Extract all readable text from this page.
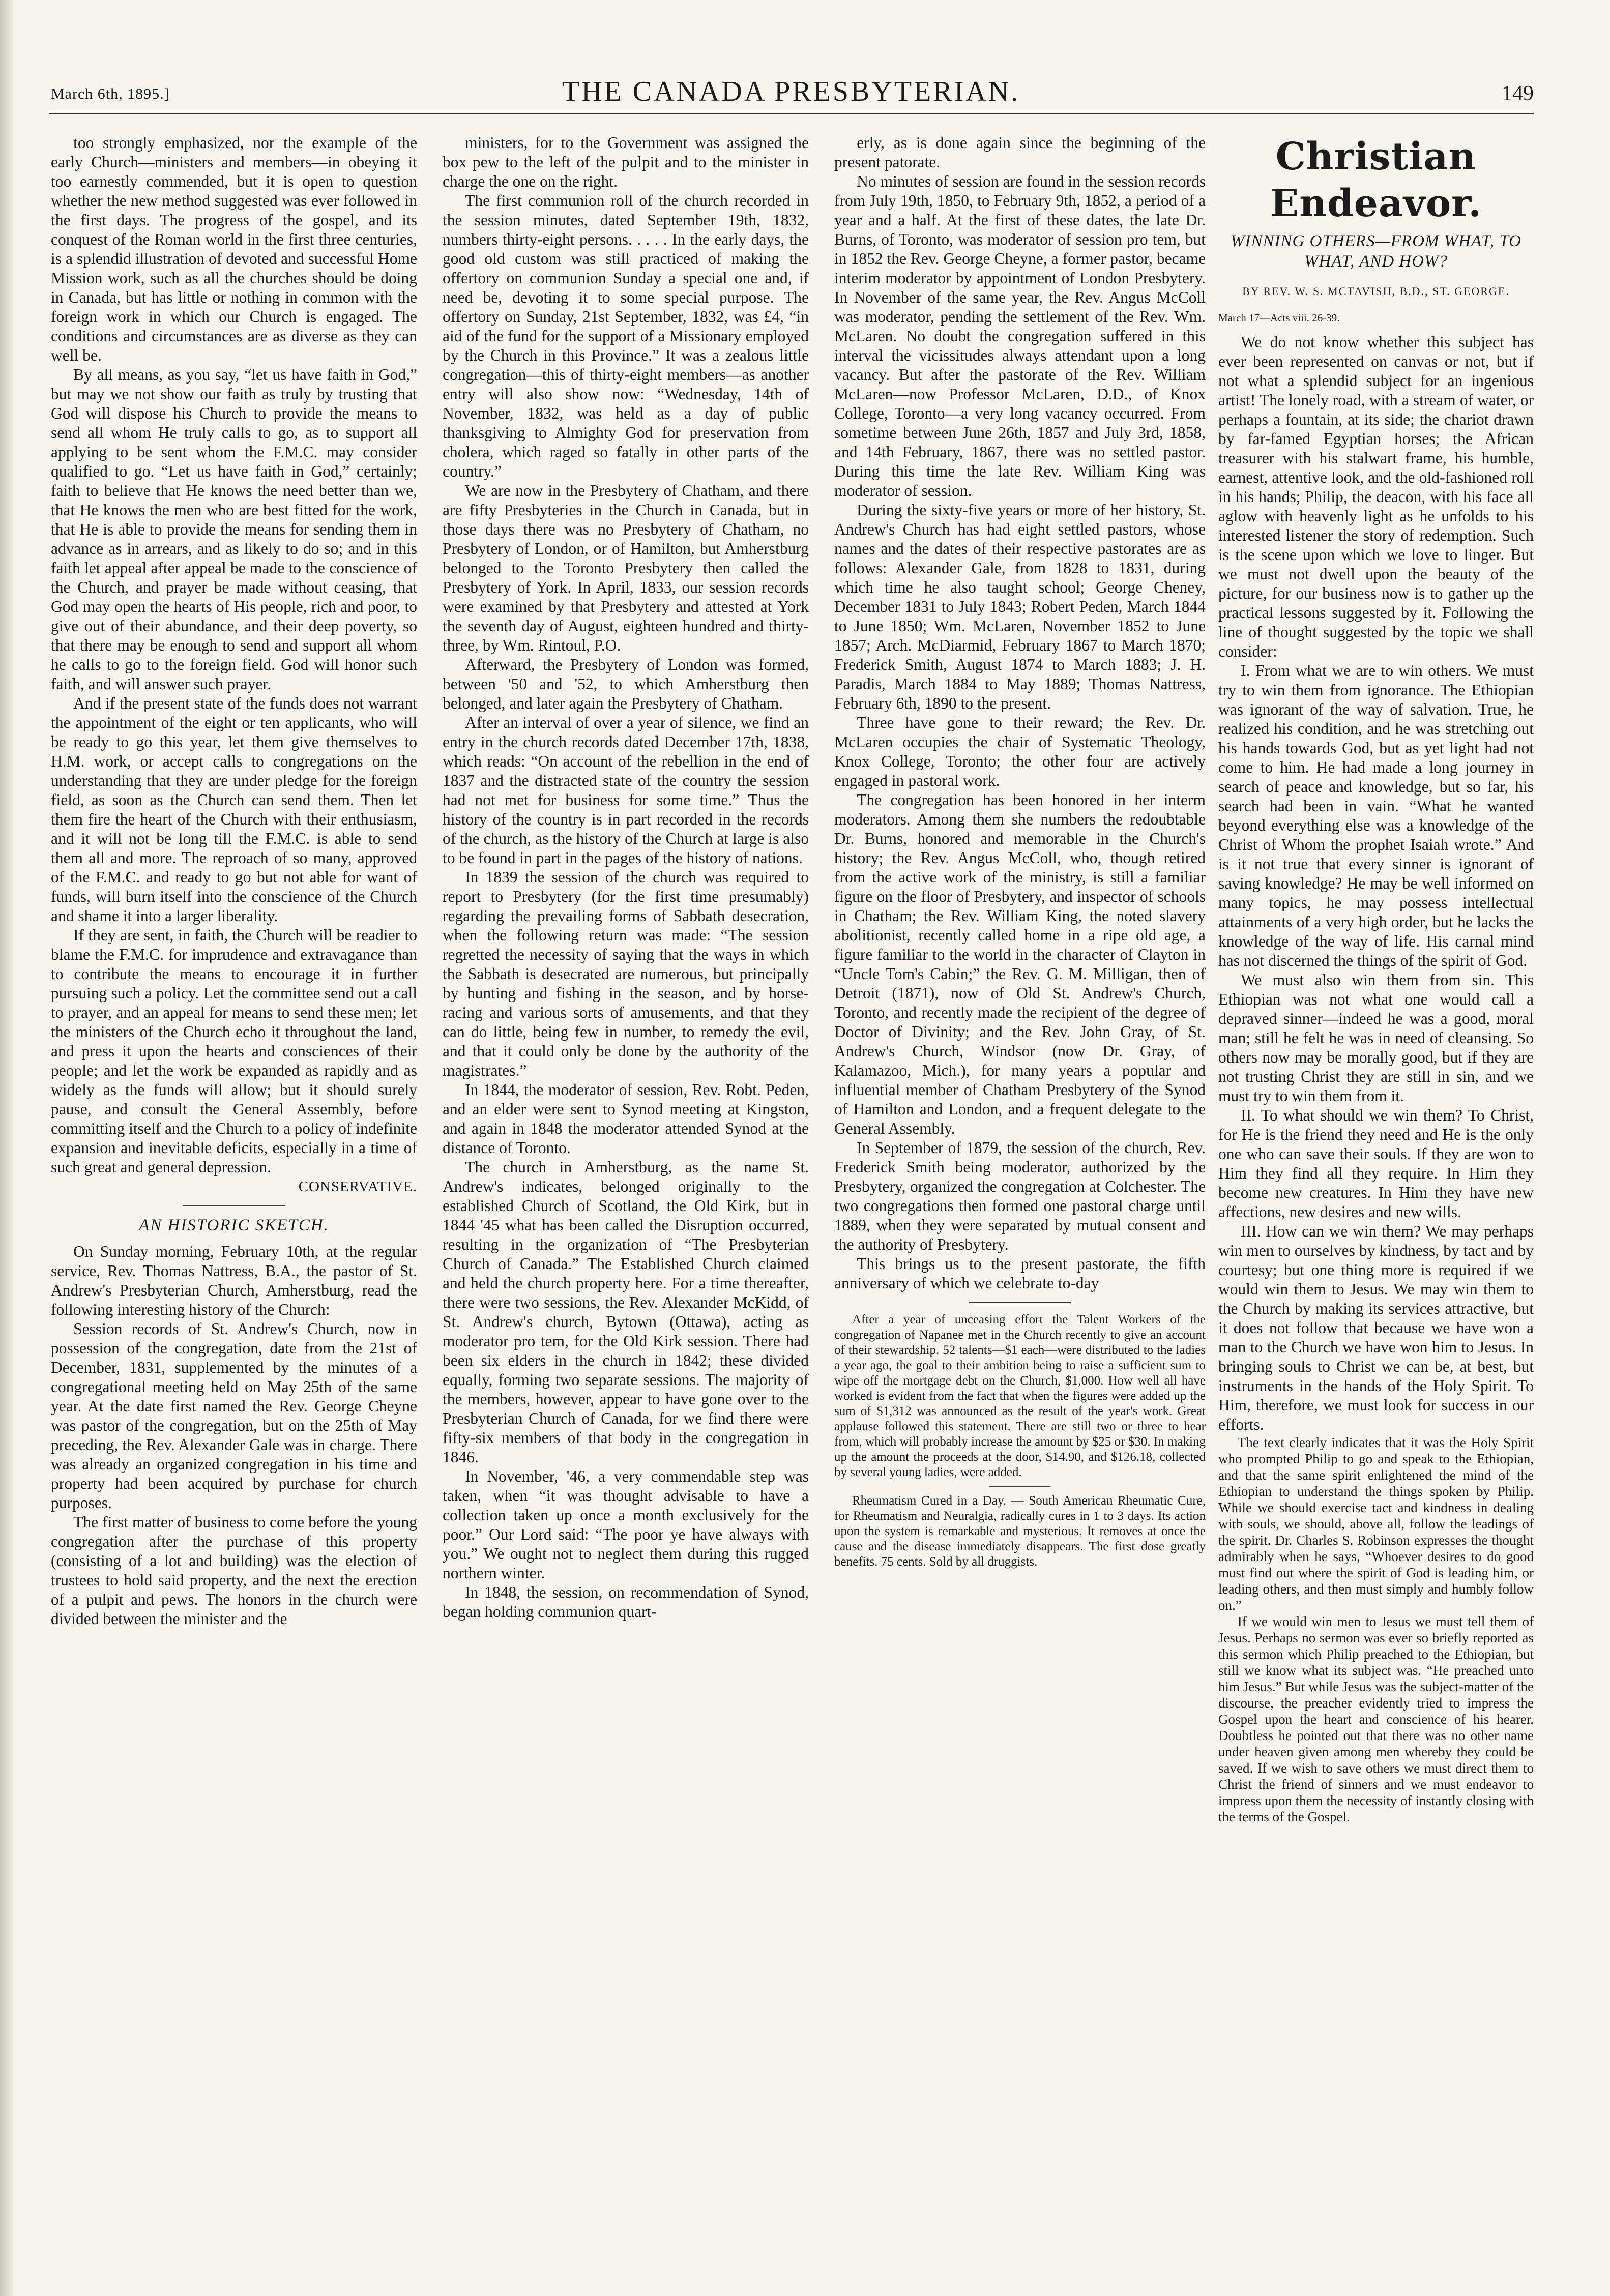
March 6th, 1895.]	THE CANADA PRESBYTERIAN.	149

too strongly emphasized, nor the example of the early Church—ministers and members—in obeying it too earnestly commended, but it is open to question whether the new method suggested was ever followed in the first days. The progress of the gospel, and its conquest of the Roman world in the first three centuries, is a splendid illustration of devoted and successful Home Mission work, such as all the churches should be doing in Canada, but has little or nothing in common with the foreign work in which our Church is engaged. The conditions and circumstances are as diverse as they can well be.

By all means, as you say, “let us have faith in God,” but may we not show our faith as truly by trusting that God will dispose his Church to provide the means to send all whom He truly calls to go, as to support all applying to be sent whom the F.M.C. may consider qualified to go. “Let us have faith in God,” certainly; faith to believe that He knows the need better than we, that He knows the men who are best fitted for the work, that He is able to provide the means for sending them in advance as in arrears, and as likely to do so; and in this faith let appeal after appeal be made to the conscience of the Church, and prayer be made without ceasing, that God may open the hearts of His people, rich and poor, to give out of their abundance, and their deep poverty, so that there may be enough to send and support all whom he calls to go to the foreign field. God will honor such faith, and will answer such prayer.

And if the present state of the funds does not warrant the appointment of the eight or ten applicants, who will be ready to go this year, let them give themselves to H.M. work, or accept calls to congregations on the understanding that they are under pledge for the foreign field, as soon as the Church can send them. Then let them fire the heart of the Church with their enthusiasm, and it will not be long till the F.M.C. is able to send them all and more. The reproach of so many, approved of the F.M.C. and ready to go but not able for want of funds, will burn itself into the conscience of the Church and shame it into a larger liberality.

If they are sent, in faith, the Church will be readier to blame the F.M.C. for imprudence and extravagance than to contribute the means to encourage it in further pursuing such a policy. Let the committee send out a call to prayer, and an appeal for means to send these men; let the ministers of the Church echo it throughout the land, and press it upon the hearts and consciences of their people; and let the work be expanded as rapidly and as widely as the funds will allow; but it should surely pause, and consult the General Assembly, before committing itself and the Church to a policy of indefinite expansion and inevitable deficits, especially in a time of such great and general depression.

CONSERVATIVE.
AN HISTORIC SKETCH.

On Sunday morning, February 10th, at the regular service, Rev. Thomas Nattress, B.A., the pastor of St. Andrew's Presbyterian Church, Amherstburg, read the following interesting history of the Church:

Session records of St. Andrew's Church, now in possession of the congregation, date from the 21st of December, 1831, supplemented by the minutes of a congregational meeting held on May 25th of the same year. At the date first named the Rev. George Cheyne was pastor of the congregation, but on the 25th of May preceding, the Rev. Alexander Gale was in charge. There was already an organized congregation in his time and property had been acquired by purchase for church purposes.

The first matter of business to come before the young congregation after the purchase of this property (consisting of a lot and building) was the election of trustees to hold said property, and the next the erection of a pulpit and pews. The honors in the church were divided between the minister and the

ministers, for to the Government was assigned the box pew to the left of the pulpit and to the minister in charge the one on the right.

The first communion roll of the church recorded in the session minutes, dated September 19th, 1832, numbers thirty-eight persons. . . . . In the early days, the good old custom was still practiced of making the offertory on communion Sunday a special one and, if need be, devoting it to some special purpose. The offertory on Sunday, 21st September, 1832, was £4, “in aid of the fund for the support of a Missionary employed by the Church in this Province.” It was a zealous little congregation—this of thirty-eight members—as another entry will also show now: “Wednesday, 14th of November, 1832, was held as a day of public thanksgiving to Almighty God for preservation from cholera, which raged so fatally in other parts of the country.”

We are now in the Presbytery of Chatham, and there are fifty Presbyteries in the Church in Canada, but in those days there was no Presbytery of Chatham, no Presbytery of London, or of Hamilton, but Amherstburg belonged to the Toronto Presbytery then called the Presbytery of York. In April, 1833, our session records were examined by that Presbytery and attested at York the seventh day of August, eighteen hundred and thirty-three, by Wm. Rintoul, P.O.

Afterward, the Presbytery of London was formed, between '50 and '52, to which Amherstburg then belonged, and later again the Presbytery of Chatham.

After an interval of over a year of silence, we find an entry in the church records dated December 17th, 1838, which reads: “On account of the rebellion in the end of 1837 and the distracted state of the country the session had not met for business for some time.” Thus the history of the country is in part recorded in the records of the church, as the history of the Church at large is also to be found in part in the pages of the history of nations.

In 1839 the session of the church was required to report to Presbytery (for the first time presumably) regarding the prevailing forms of Sabbath desecration, when the following return was made: “The session regretted the necessity of saying that the ways in which the Sabbath is desecrated are numerous, but principally by hunting and fishing in the season, and by horse-racing and various sorts of amusements, and that they can do little, being few in number, to remedy the evil, and that it could only be done by the authority of the magistrates.”

In 1844, the moderator of session, Rev. Robt. Peden, and an elder were sent to Synod meeting at Kingston, and again in 1848 the moderator attended Synod at the distance of Toronto.

The church in Amherstburg, as the name St. Andrew's indicates, belonged originally to the established Church of Scotland, the Old Kirk, but in 1844 '45 what has been called the Disruption occurred, resulting in the organization of “The Presbyterian Church of Canada.” The Established Church claimed and held the church property here. For a time thereafter, there were two sessions, the Rev. Alexander McKidd, of St. Andrew's church, Bytown (Ottawa), acting as moderator pro tem, for the Old Kirk session. There had been six elders in the church in 1842; these divided equally, forming two separate sessions. The majority of the members, however, appear to have gone over to the Presbyterian Church of Canada, for we find there were fifty-six members of that body in the congregation in 1846.

In November, '46, a very commendable step was taken, when “it was thought advisable to have a collection taken up once a month exclusively for the poor.” Our Lord said: “The poor ye have always with you.” We ought not to neglect them during this rugged northern winter.

In 1848, the session, on recommendation of Synod, began holding communion quart-

erly, as is done again since the beginning of the present patorate.

No minutes of session are found in the session records from July 19th, 1850, to February 9th, 1852, a period of a year and a half. At the first of these dates, the late Dr. Burns, of Toronto, was moderator of session pro tem, but in 1852 the Rev. George Cheyne, a former pastor, became interim moderator by appointment of London Presbytery. In November of the same year, the Rev. Angus McColl was moderator, pending the settlement of the Rev. Wm. McLaren. No doubt the congregation suffered in this interval the vicissitudes always attendant upon a long vacancy. But after the pastorate of the Rev. William McLaren—now Professor McLaren, D.D., of Knox College, Toronto—a very long vacancy occurred. From sometime between June 26th, 1857 and July 3rd, 1858, and 14th February, 1867, there was no settled pastor. During this time the late Rev. William King was moderator of session.

During the sixty-five years or more of her history, St. Andrew's Church has had eight settled pastors, whose names and the dates of their respective pastorates are as follows: Alexander Gale, from 1828 to 1831, during which time he also taught school; George Cheney, December 1831 to July 1843; Robert Peden, March 1844 to June 1850; Wm. McLaren, November 1852 to June 1857; Arch. McDiarmid, February 1867 to March 1870; Frederick Smith, August 1874 to March 1883; J. H. Paradis, March 1884 to May 1889; Thomas Nattress, February 6th, 1890 to the present.

Three have gone to their reward; the Rev. Dr. McLaren occupies the chair of Systematic Theology, Knox College, Toronto; the other four are actively engaged in pastoral work.

The congregation has been honored in her interm moderators. Among them she numbers the redoubtable Dr. Burns, honored and memorable in the Church's history; the Rev. Angus McColl, who, though retired from the active work of the ministry, is still a familiar figure on the floor of Presbytery, and inspector of schools in Chatham; the Rev. William King, the noted slavery abolitionist, recently called home in a ripe old age, a figure familiar to the world in the character of Clayton in “Uncle Tom's Cabin;” the Rev. G. M. Milligan, then of Detroit (1871), now of Old St. Andrew's Church, Toronto, and recently made the recipient of the degree of Doctor of Divinity; and the Rev. John Gray, of St. Andrew's Church, Windsor (now Dr. Gray, of Kalamazoo, Mich.), for many years a popular and influential member of Chatham Presbytery of the Synod of Hamilton and London, and a frequent delegate to the General Assembly.

In September of 1879, the session of the church, Rev. Frederick Smith being moderator, authorized by the Presbytery, organized the congregation at Colchester. The two congregations then formed one pastoral charge until 1889, when they were separated by mutual consent and the authority of Presbytery.

This brings us to the present pastorate, the fifth anniversary of which we celebrate to-day

After a year of unceasing effort the Talent Workers of the congregation of Napanee met in the Church recently to give an account of their stewardship. 52 talents—$1 each—were distributed to the ladies a year ago, the goal to their ambition being to raise a sufficient sum to wipe off the mortgage debt on the Church, $1,000. How well all have worked is evident from the fact that when the figures were added up the sum of $1,312 was announced as the result of the year's work. Great applause followed this statement. There are still two or three to hear from, which will probably increase the amount by $25 or $30. In making up the amount the proceeds at the door, $14.90, and $126.18, collected by several young ladies, were added.

Rheumatism Cured in a Day. — South American Rheumatic Cure, for Rheumatism and Neuralgia, radically cures in 1 to 3 days. Its action upon the system is remarkable and mysterious. It removes at once the cause and the disease immediately disappears. The first dose greatly benefits. 75 cents. Sold by all druggists.

Christian Endeavor.
WINNING OTHERS—FROM WHAT, TO WHAT, AND HOW?
BY REV. W. S. MCTAVISH, B.D., ST. GEORGE.
March 17—Acts viii. 26-39.

We do not know whether this subject has ever been represented on canvas or not, but if not what a splendid subject for an ingenious artist! The lonely road, with a stream of water, or perhaps a fountain, at its side; the chariot drawn by far-famed Egyptian horses; the African treasurer with his stalwart frame, his humble, earnest, attentive look, and the old-fashioned roll in his hands; Philip, the deacon, with his face all aglow with heavenly light as he unfolds to his interested listener the story of redemption. Such is the scene upon which we love to linger. But we must not dwell upon the beauty of the picture, for our business now is to gather up the practical lessons suggested by it. Following the line of thought suggested by the topic we shall consider:

I. From what we are to win others. We must try to win them from ignorance. The Ethiopian was ignorant of the way of salvation. True, he realized his condition, and he was stretching out his hands towards God, but as yet light had not come to him. He had made a long journey in search of peace and knowledge, but so far, his search had been in vain. “What he wanted beyond everything else was a knowledge of the Christ of Whom the prophet Isaiah wrote.” And is it not true that every sinner is ignorant of saving knowledge? He may be well informed on many topics, he may possess intellectual attainments of a very high order, but he lacks the knowledge of the way of life. His carnal mind has not discerned the things of the spirit of God.

We must also win them from sin. This Ethiopian was not what one would call a depraved sinner—indeed he was a good, moral man; still he felt he was in need of cleansing. So others now may be morally good, but if they are not trusting Christ they are still in sin, and we must try to win them from it.

II. To what should we win them? To Christ, for He is the friend they need and He is the only one who can save their souls. If they are won to Him they find all they require. In Him they become new creatures. In Him they have new affections, new desires and new wills.

III. How can we win them? We may perhaps win men to ourselves by kindness, by tact and by courtesy; but one thing more is required if we would win them to Jesus. We may win them to the Church by making its services attractive, but it does not follow that because we have won a man to the Church we have won him to Jesus. In bringing souls to Christ we can be, at best, but instruments in the hands of the Holy Spirit. To Him, therefore, we must look for success in our efforts.

The text clearly indicates that it was the Holy Spirit who prompted Philip to go and speak to the Ethiopian, and that the same spirit enlightened the mind of the Ethiopian to understand the things spoken by Philip. While we should exercise tact and kindness in dealing with souls, we should, above all, follow the leadings of the spirit. Dr. Charles S. Robinson expresses the thought admirably when he says, “Whoever desires to do good must find out where the spirit of God is leading him, or leading others, and then must simply and humbly follow on.”

If we would win men to Jesus we must tell them of Jesus. Perhaps no sermon was ever so briefly reported as this sermon which Philip preached to the Ethiopian, but still we know what its subject was. “He preached unto him Jesus.” But while Jesus was the subject-matter of the discourse, the preacher evidently tried to impress the Gospel upon the heart and conscience of his hearer. Doubtless he pointed out that there was no other name under heaven given among men whereby they could be saved. If we wish to save others we must direct them to Christ the friend of sinners and we must endeavor to impress upon them the necessity of instantly closing with the terms of the Gospel.
